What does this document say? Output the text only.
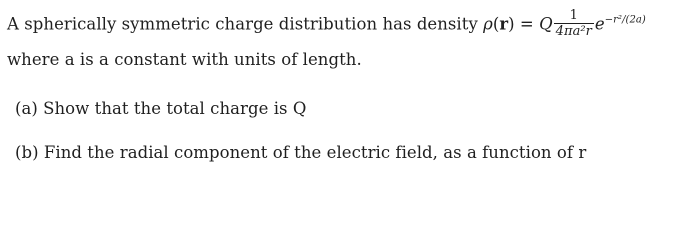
A spherically symmetric charge distribution has density ρ(r) = Q $\frac{1}{\text{4πa²r}} e^{-r^2/(2a)}$
where a is a constant with units of length.
(a) Show that the total charge is Q
(b) Find the radial component of the electric field, as a function of r
